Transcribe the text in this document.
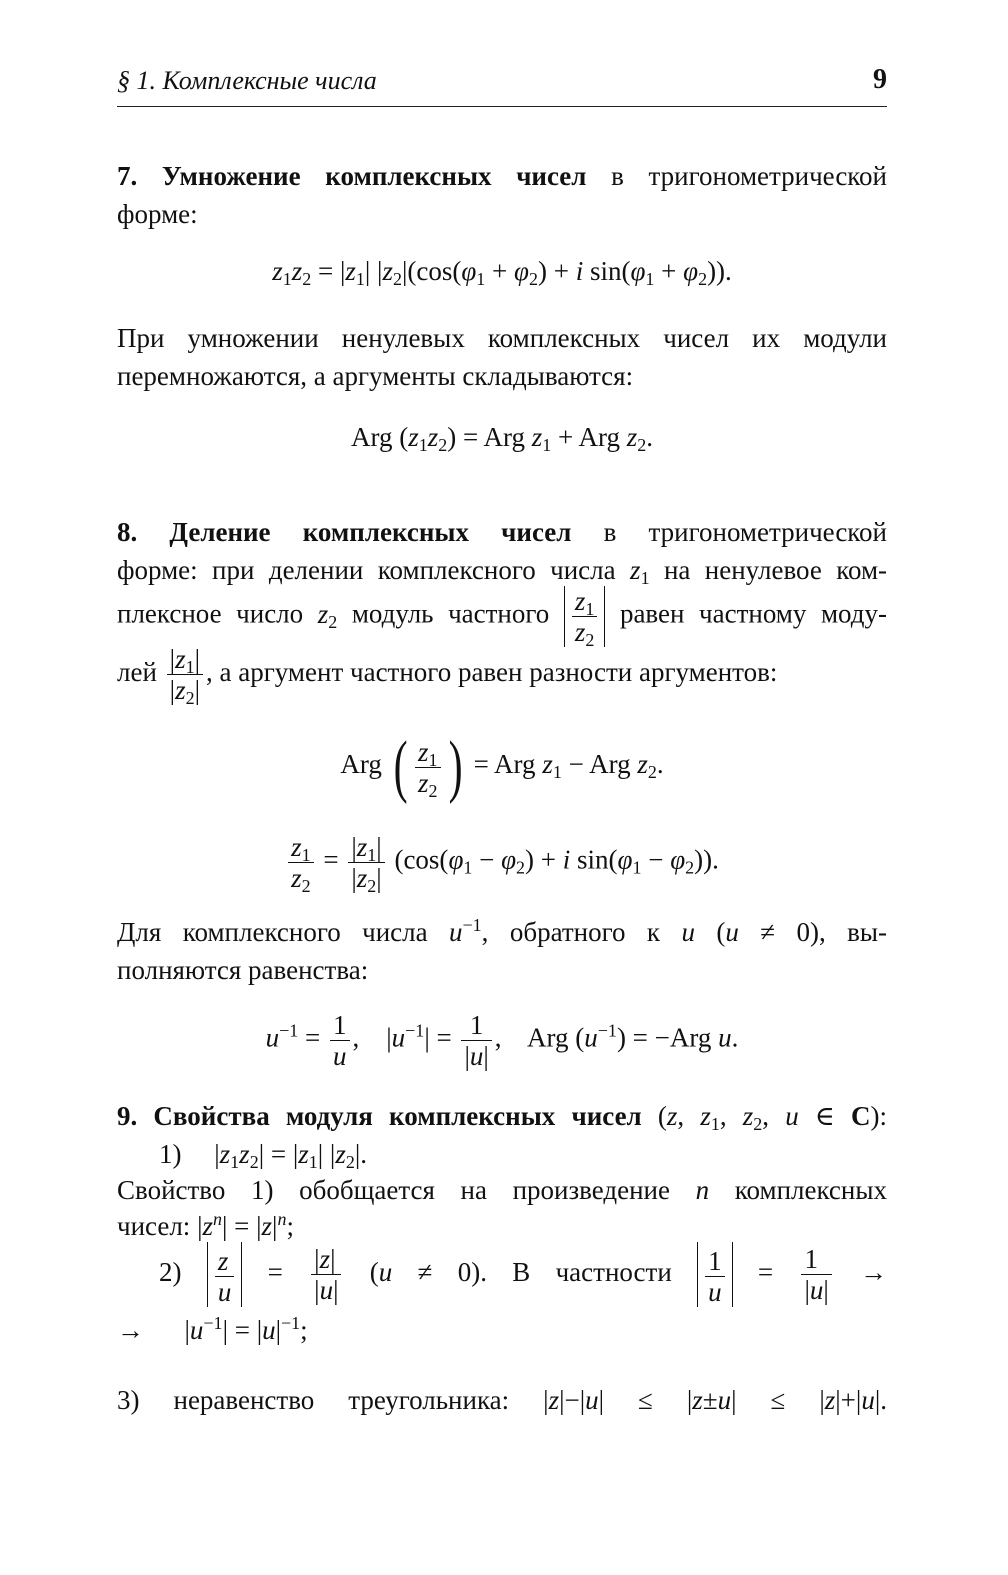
§ 1. Комплексные числа	9
7. Умножение комплексных чисел в тригонометрической
форме:
$z_1z_2 = |z_1|$ $|z_2|(\cos(\varphi_1 + \varphi_2) + i$ $\sin(\varphi_1 + \varphi_2)$).
При умножении ненулевых комплексных чисел их модули
перемножаются, а аргументы складываются:
Arg $(z_1z_2)$ = Arg $z_1$ + Arg $z_2$.
8. Деление комплексных чисел в тригонометрической
форме: при делении комплексного числа $z_1$ на ненулевое ком-
плексное число $z_2$ модуль частного $\frac{z_1}{z_2}$ равен частному моду-
лей $\frac{|z_1|}{|z_2|}$ , а аргумент частного равен разности аргументов:
Arg ( $\frac{z_1}{z_2}$ ) = Arg $z_1$ − Arg $z_2$.
$\frac{z_1}{z_2} = \frac{|z_1|}{|z_2|} (\cos(\varphi_1 - \varphi_2) + i$ $\sin(\varphi_1 - \varphi_2)$).
Для комплексного числа $u^{-1}$, обратного к u (u ≠ 0), вы-
полняются равенства:
$u^{-1} = \frac{1}{u}$ ,    $|u^{-1}| = \frac{1}{|u|}$ ,    Arg $(u^{-1}) = -Arg$ u.
9. Свойства модуля комплексных чисел (z, $z_1$, $z_2$, u ∈ C):
1) $|z_1z_2| = |z_1|$ $|z_2|$.
Свойство 1) обобщается на произведение n комплексных
чисел: $|z^n| = |z|^n$;
$2) \frac{z}{u} = \frac{|z|}{|u|} (u \ne 0)$. В частности $\frac{1}{u} = \frac{1}{|u|}$ →
→      $|u^{-1}| = |u|^{-1}$;
3) неравенство треугольника: |z|−|u| ≤ |z±u| ≤ |z|+|u|.
